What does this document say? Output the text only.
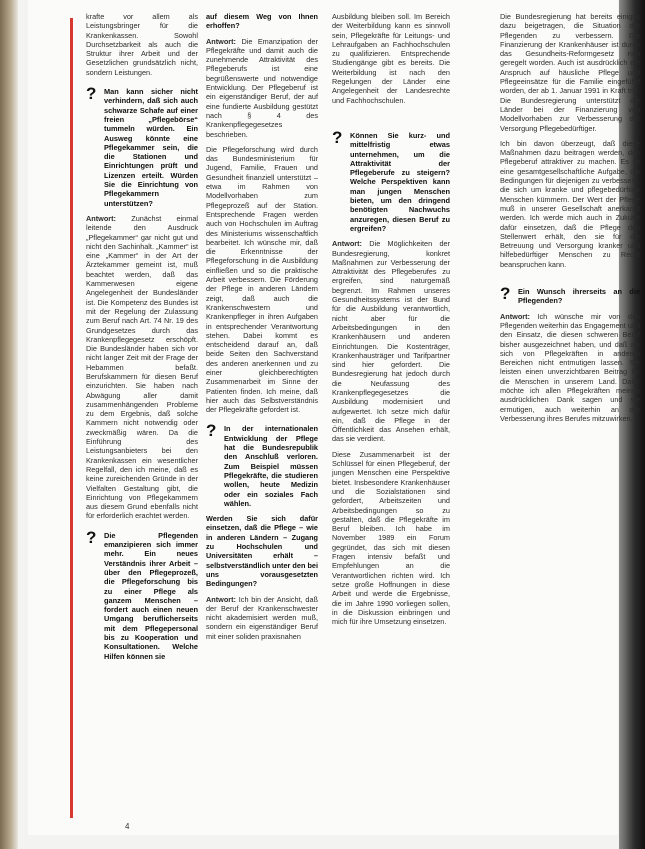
krafte vor allem als Leistungsbringer für die Krankenkassen. Sowohl Durchsetzbarkeit als auch die Struktur ihrer Arbeit und der Gesetzlichen grundsätzlich nicht, sondern Leistungen.

? Man kann sicher nicht verhindern, daß sich auch schwarze Schafe auf einer freien „Pflegebörse“ tummeln würden. Ein Ausweg könnte eine Pflegekammer sein, die die Stationen und Einrichtungen prüft und Lizenzen erteilt. Würden Sie die Einrichtung von Pflegekammern unterstützen?

Antwort: Zunächst einmal leitende den Ausdruck „Pflegekammer“ gar nicht gut und nicht den Sachinhalt. „Kammer“ ist eine „Kammer“ in der Art der Ärztekammer gemeint ist, muß beachtet werden, daß das Kammerwesen eigene Angelegenheit der Bundesländer ist. Die Kompetenz des Bundes ist mit der Regelung der Zulassung zum Beruf nach Art. 74 Nr. 19 des Grundgesetzes durch das Krankenpflegegesetz erschöpft. Die Bundesländer haben sich vor nicht langer Zeit mit der Frage der Hebammen befaßt. Berufskammern für diesen Beruf einzurichten. Sie haben nach Abwägung aller damit zusammenhängenden Probleme zu dem Ergebnis, daß solche Kammern nicht notwendig oder zweckmäßig wären. Da die Einführung des Leistungsanbieters bei den Krankenkassen ein wesentlicher Regelfall, den ich meine, daß es keine zureichenden Gründe in der Vielfalten Gestaltung gibt, die Einrichtung von Pflegekammern aus diesem Grund ebenfalls nicht für erforderlich erachtet werden.

? Die Pflegenden emanzipieren sich immer mehr. Ein neues Verständnis ihrer Arbeit – über den Pflegeprozeß, die Pflegeforschung bis zu einer Pflege als ganzem Menschen – fordert auch einen neuen Umgang beruflicherseits mit dem Pflegepersonal bis zu Kooperation und Konsultationen. Welche Hilfen können sie

auf diesem Weg von Ihnen erhoffen?

Antwort: Die Emanzipation der Pflegekräfte und damit auch die zunehmende Attraktivität des Pflegeberufs ist eine begrüßenswerte und notwendige Entwicklung. Der Pflegeberuf ist ein eigenständiger Beruf, der auf eine fundierte Ausbildung gestützt nach § 4 des Krankenpflegegesetzes beschrieben.

Die Pflegeforschung wird durch das Bundesministerium für Jugend, Familie, Frauen und Gesundheit finanziell unterstützt – etwa im Rahmen von Modellvorhaben zum Pflegeprozeß auf der Station. Entsprechende Fragen werden auch von Hochschulen im Auftrag des Ministeriums wissenschaftlich bearbeitet. Ich wünsche mir, daß die Erkenntnisse der Pflegeforschung in die Ausbildung einfließen und so die praktische Arbeit verbessern. Die Förderung der Pflege in anderen Ländern zeigt, daß auch die Krankenschwestern und Krankenpfleger in ihren Aufgaben in entsprechender Verantwortung stehen. Dabei kommt es entscheidend darauf an, daß beide Seiten den Sachverstand des anderen anerkennen und zu einer gleichberechtigten Zusammenarbeit im Sinne der Patienten finden. Ich meine, daß hier auch das Selbstverständnis der Pflegekräfte gefordert ist.

? In der internationalen Entwicklung der Pflege hat die Bundesrepublik den Anschluß verloren. Zum Beispiel müssen Pflegekräfte, die studieren wollen, heute Medizin oder ein soziales Fach wählen.

Werden Sie sich dafür einsetzen, daß die Pflege – wie in anderen Ländern – Zugang zu Hochschulen und Universitäten erhält – selbstverständlich unter den bei uns vorausgesetzten Bedingungen?

Antwort: Ich bin der Ansicht, daß der Beruf der Krankenschwester nicht akademisiert werden muß, sondern ein eigenständiger Beruf mit einer soliden praxisnahen

Ausbildung bleiben soll. Im Bereich der Weiterbildung kann es sinnvoll sein, Pflegekräfte für Leitungs- und Lehraufgaben an Fachhochschulen zu qualifizieren. Entsprechende Studiengänge gibt es bereits. Die Weiterbildung ist nach den Regelungen der Länder eine Angelegenheit der Landesrechte und Fachhochschulen.

? Können Sie kurz- und mittelfristig etwas unternehmen, um die Attraktivität der Pflegeberufe zu steigern? Welche Perspektiven kann man jungen Menschen bieten, um den dringend benötigten Nachwuchs anzuregen, diesen Beruf zu ergreifen?

Antwort: Die Möglichkeiten der Bundesregierung, konkret Maßnahmen zur Verbesserung der Attraktivität des Pflegeberufes zu ergreifen, sind naturgemäß begrenzt. Im Rahmen unseres Gesundheitssystems ist der Bund für die Ausbildung verantwortlich, nicht aber für die Arbeitsbedingungen in den Krankenhäusern und anderen Einrichtungen. Die Kostenträger, Krankenhausträger und Tarifpartner sind hier gefordert. Die Bundesregierung hat jedoch durch die Neufassung des Krankenpflegegesetzes die Ausbildung modernisiert und aufgewertet. Ich setze mich dafür ein, daß die Pflege in der Öffentlichkeit das Ansehen erhält, das sie verdient.

Diese Zusammenarbeit ist der Schlüssel für einen Pflegeberuf, der jungen Menschen eine Perspektive bietet. Insbesondere Krankenhäuser und die Sozialstationen sind gefordert, Arbeitszeiten und Arbeitsbedingungen so zu gestalten, daß die Pflegekräfte im Beruf bleiben. Ich habe im November 1989 ein Forum gegründet, das sich mit diesen Fragen intensiv befaßt und Empfehlungen an die Verantwortlichen richten wird. Ich setze große Hoffnungen in diese Arbeit und werde die Ergebnisse, die im Jahre 1990 vorliegen sollen, in die Diskussion einbringen und mich für ihre Umsetzung einsetzen.

Die Bundesregierung hat bereits einiges dazu beigetragen, die Situation der Pflegenden zu verbessern. Die Finanzierung der Krankenhäuser ist durch das Gesundheits-Reformgesetz neu geregelt worden. Auch ist ausdrücklich ein Anspruch auf häusliche Pflege und Pflegeeinsätze für die Familie eingeführt worden, der ab 1. Januar 1991 in Kraft tritt. Die Bundesregierung unterstützt die Länder bei der Finanzierung von Modellvorhaben zur Verbesserung der Versorgung Pflegebedürftiger.

Ich bin davon überzeugt, daß diese Maßnahmen dazu beitragen werden, den Pflegeberuf attraktiver zu machen. Es ist eine gesamtgesellschaftliche Aufgabe, die Bedingungen für diejenigen zu verbessern, die sich um kranke und pflegebedürftige Menschen kümmern. Der Wert der Pflege muß in unserer Gesellschaft anerkannt werden. Ich werde mich auch in Zukunft dafür einsetzen, daß die Pflege den Stellenwert erhält, den sie für die Betreuung und Versorgung kranker und hilfebedürftiger Menschen zu Recht beanspruchen kann.

? Ein Wunsch ihrerseits an die Pflegenden?

Antwort: Ich wünsche mir von den Pflegenden weiterhin das Engagement und den Einsatz, die diesen schweren Beruf bisher ausgezeichnet haben, und daß sie sich von Pflegekräften in anderen Bereichen nicht entmutigen lassen. Sie leisten einen unverzichtbaren Beitrag für die Menschen in unserem Land. Dafür möchte ich allen Pflegekräften meinen ausdrücklichen Dank sagen und sie ermutigen, auch weiterhin an der Verbesserung ihres Berufes mitzuwirken.

4
